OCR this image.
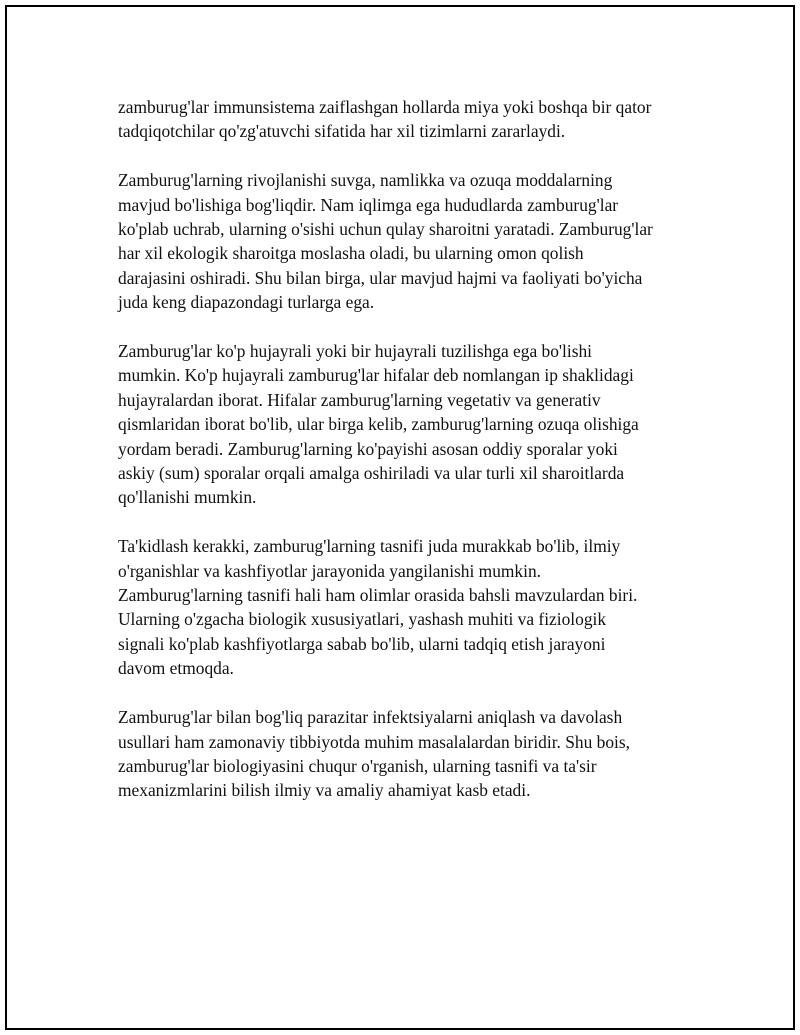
zamburug'lar immunsistema zaiflashgan hollarda miya yoki boshqa bir qator
tadqiqotchilar qo'zg'atuvchi sifatida har xil tizimlarni zararlaydi.

Zamburug'larning rivojlanishi suvga, namlikka va ozuqa moddalarning
mavjud bo'lishiga bog'liqdir. Nam iqlimga ega hududlarda zamburug'lar
ko'plab uchrab, ularning o'sishi uchun qulay sharoitni yaratadi. Zamburug'lar
har xil ekologik sharoitga moslasha oladi, bu ularning omon qolish
darajasini oshiradi. Shu bilan birga, ular mavjud hajmi va faoliyati bo'yicha
juda keng diapazondagi turlarga ega.

Zamburug'lar ko'p hujayrali yoki bir hujayrali tuzilishga ega bo'lishi
mumkin. Ko'p hujayrali zamburug'lar hifalar deb nomlangan ip shaklidagi
hujayralardan iborat. Hifalar zamburug'larning vegetativ va generativ
qismlaridan iborat bo'lib, ular birga kelib, zamburug'larning ozuqa olishiga
yordam beradi. Zamburug'larning ko'payishi asosan oddiy sporalar yoki
askiy (sum) sporalar orqali amalga oshiriladi va ular turli xil sharoitlarda
qo'llanishi mumkin.

Ta'kidlash kerakki, zamburug'larning tasnifi juda murakkab bo'lib, ilmiy
o'rganishlar va kashfiyotlar jarayonida yangilanishi mumkin.
Zamburug'larning tasnifi hali ham olimlar orasida bahsli mavzulardan biri.
Ularning o'zgacha biologik xususiyatlari, yashash muhiti va fiziologik
signali ko'plab kashfiyotlarga sabab bo'lib, ularni tadqiq etish jarayoni
davom etmoqda.

Zamburug'lar bilan bog'liq parazitar infektsiyalarni aniqlash va davolash
usullari ham zamonaviy tibbiyotda muhim masalalardan biridir. Shu bois,
zamburug'lar biologiyasini chuqur o'rganish, ularning tasnifi va ta'sir
mexanizmlarini bilish ilmiy va amaliy ahamiyat kasb etadi.
